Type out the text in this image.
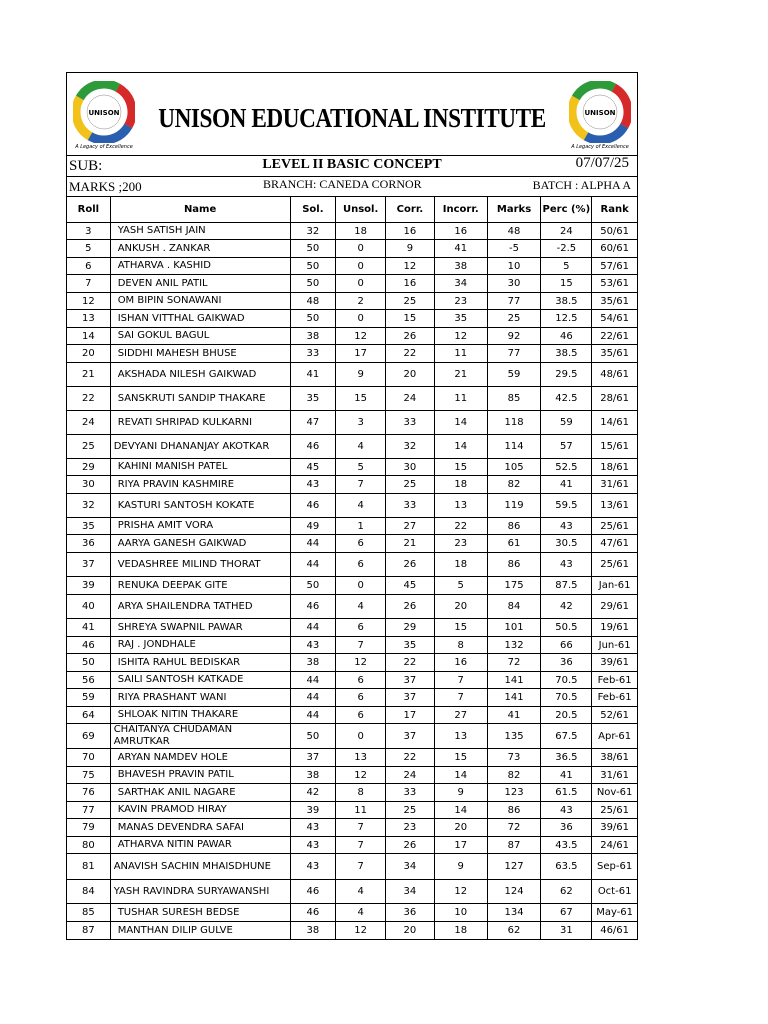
UNISON
A Legacy of Excellence
UNISON EDUCATIONAL INSTITUTE	UNISON
A Legacy of Excellence
SUB:	LEVEL II BASIC CONCEPT	07/07/25
MARKS ;200	BRANCH: CANEDA CORNOR	BATCH : ALPHA A
Roll	Name	Sol.	Unsol.	Corr.	Incorr.	Marks	Perc (%)	Rank
3	YASH SATISH JAIN	32	18	16	16	48	24	50/61
5	ANKUSH . ZANKAR	50	0	9	41	-5	-2.5	60/61
6	ATHARVA . KASHID	50	0	12	38	10	5	57/61
7	DEVEN ANIL PATIL	50	0	16	34	30	15	53/61
12	OM BIPIN SONAWANI	48	2	25	23	77	38.5	35/61
13	ISHAN VITTHAL GAIKWAD	50	0	15	35	25	12.5	54/61
14	SAI GOKUL BAGUL	38	12	26	12	92	46	22/61
20	SIDDHI MAHESH BHUSE	33	17	22	11	77	38.5	35/61
21	AKSHADA NILESH GAIKWAD	41	9	20	21	59	29.5	48/61
22	SANSKRUTI SANDIP THAKARE	35	15	24	11	85	42.5	28/61
24	REVATI SHRIPAD KULKARNI	47	3	33	14	118	59	14/61
25	DEVYANI DHANANJAY AKOTKAR	46	4	32	14	114	57	15/61
29	KAHINI MANISH PATEL	45	5	30	15	105	52.5	18/61
30	RIYA PRAVIN KASHMIRE	43	7	25	18	82	41	31/61
32	KASTURI SANTOSH KOKATE	46	4	33	13	119	59.5	13/61
35	PRISHA AMIT VORA	49	1	27	22	86	43	25/61
36	AARYA GANESH GAIKWAD	44	6	21	23	61	30.5	47/61
37	VEDASHREE MILIND THORAT	44	6	26	18	86	43	25/61
39	RENUKA DEEPAK GITE	50	0	45	5	175	87.5	Jan-61
40	ARYA SHAILENDRA TATHED	46	4	26	20	84	42	29/61
41	SHREYA SWAPNIL PAWAR	44	6	29	15	101	50.5	19/61
46	RAJ . JONDHALE	43	7	35	8	132	66	Jun-61
50	ISHITA RAHUL BEDISKAR	38	12	22	16	72	36	39/61
56	SAILI SANTOSH KATKADE	44	6	37	7	141	70.5	Feb-61
59	RIYA PRASHANT WANI	44	6	37	7	141	70.5	Feb-61
64	SHLOAK NITIN THAKARE	44	6	17	27	41	20.5	52/61
69	CHAITANYA CHUDAMAN AMRUTKAR	50	0	37	13	135	67.5	Apr-61
70	ARYAN NAMDEV HOLE	37	13	22	15	73	36.5	38/61
75	BHAVESH PRAVIN PATIL	38	12	24	14	82	41	31/61
76	SARTHAK ANIL NAGARE	42	8	33	9	123	61.5	Nov-61
77	KAVIN PRAMOD HIRAY	39	11	25	14	86	43	25/61
79	MANAS DEVENDRA SAFAI	43	7	23	20	72	36	39/61
80	ATHARVA NITIN PAWAR	43	7	26	17	87	43.5	24/61
81	ANAVISH SACHIN MHAISDHUNE	43	7	34	9	127	63.5	Sep-61
84	YASH RAVINDRA SURYAWANSHI	46	4	34	12	124	62	Oct-61
85	TUSHAR SURESH BEDSE	46	4	36	10	134	67	May-61
87	MANTHAN DILIP GULVE	38	12	20	18	62	31	46/61
